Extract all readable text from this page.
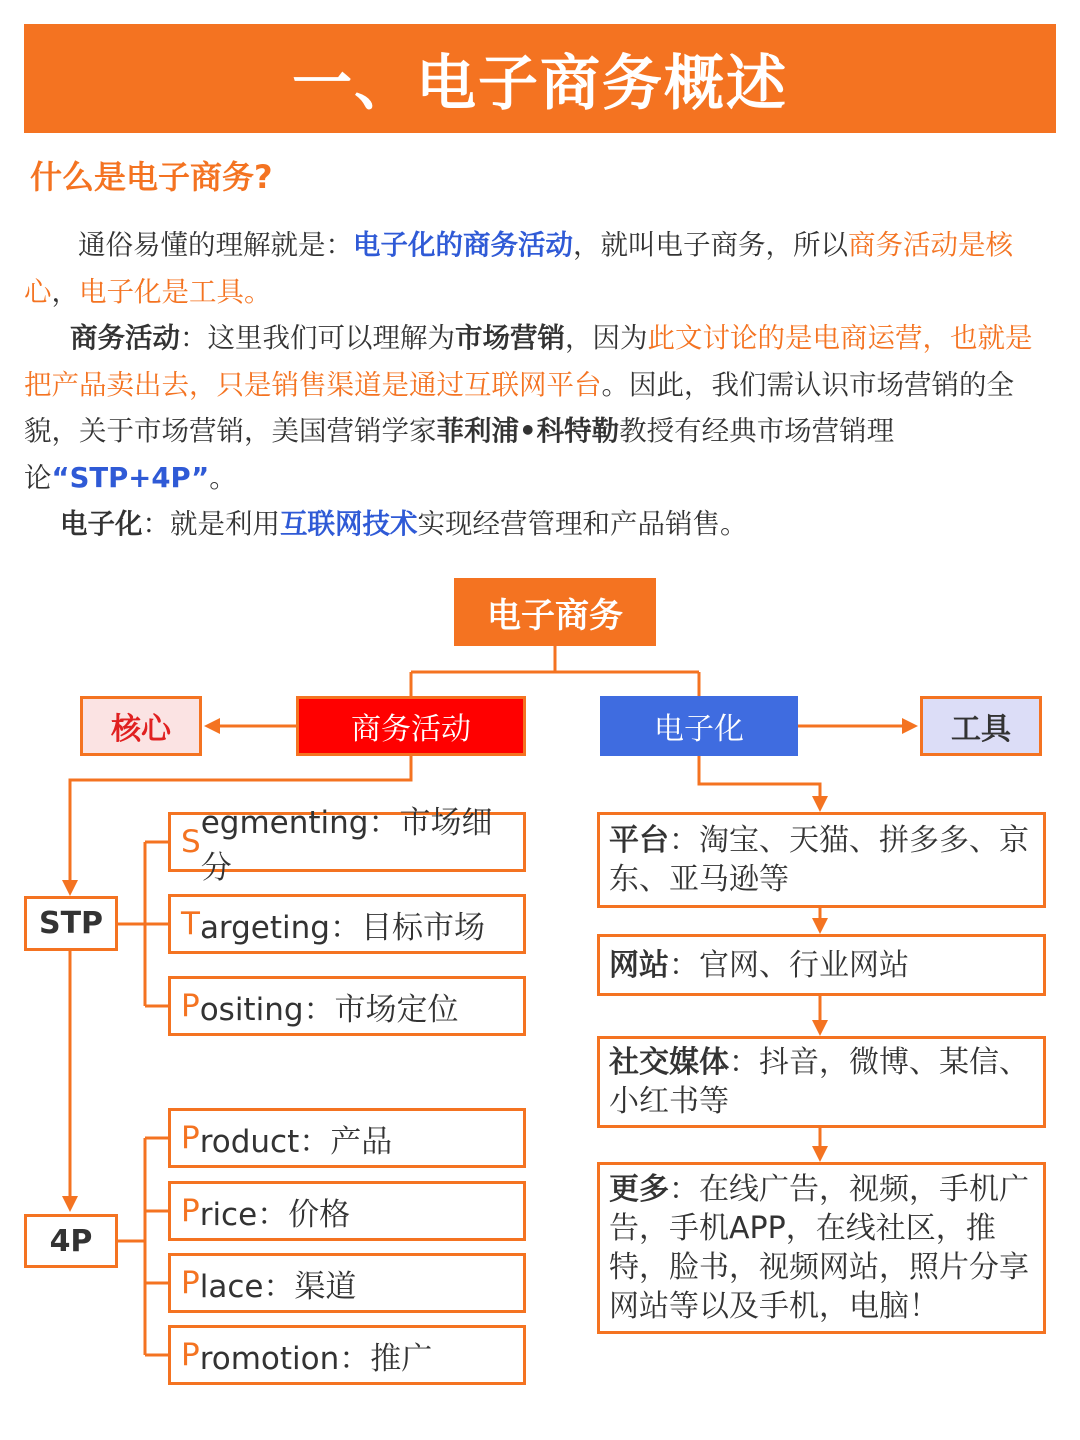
一、电子商务概述
什么是电子商务?

通俗易懂的理解就是：电子化的商务活动，就叫电子商务，所以商务活动是核心，电子化是工具。

商务活动：这里我们可以理解为市场营销，因为此文讨论的是电商运营，也就是把产品卖出去，只是销售渠道是通过互联网平台。因此，我们需认识市场营销的全貌，关于市场营销，美国营销学家菲利浦•科特勒教授有经典市场营销理论“STP+4P”。

电子化：就是利用互联网技术实现经营管理和产品销售。

电子商务
商务活动	电子化
核心	工具
STP
4P
S
egmenting：市场细分
T argeting：目标市场
P ositing：市场定位
P roduct：产品
P rice：价格
P lace：渠道
P romotion：推广
平台：淘宝、天猫、拼多多、京东、亚马逊等
网站：官网、行业网站
社交媒体：抖音，微博、某信、小红书等
更多：在线广告，视频，手机广告，手机APP，在线社区，推特，脸书，视频网站，照片分享网站等以及手机，电脑！
